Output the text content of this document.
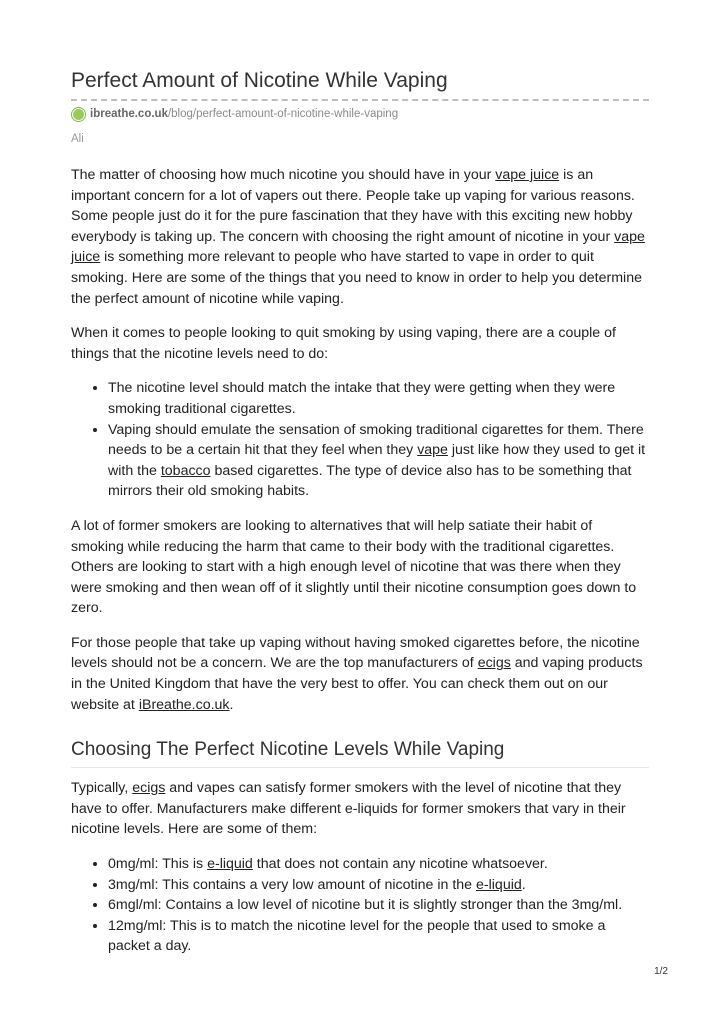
Perfect Amount of Nicotine While Vaping
ibreathe.co.uk /blog/perfect-amount-of-nicotine-while-vaping
Ali

The matter of choosing how much nicotine you should have in your vape juice is an important concern for a lot of vapers out there. People take up vaping for various reasons. Some people just do it for the pure fascination that they have with this exciting new hobby everybody is taking up. The concern with choosing the right amount of nicotine in your vape juice is something more relevant to people who have started to vape in order to quit smoking. Here are some of the things that you need to know in order to help you determine the perfect amount of nicotine while vaping.

When it comes to people looking to quit smoking by using vaping, there are a couple of things that the nicotine levels need to do:

• The nicotine level should match the intake that they were getting when they were smoking traditional cigarettes.
• Vaping should emulate the sensation of smoking traditional cigarettes for them. There needs to be a certain hit that they feel when they vape just like how they used to get it with the tobacco based cigarettes. The type of device also has to be something that mirrors their old smoking habits.

A lot of former smokers are looking to alternatives that will help satiate their habit of smoking while reducing the harm that came to their body with the traditional cigarettes. Others are looking to start with a high enough level of nicotine that was there when they were smoking and then wean off of it slightly until their nicotine consumption goes down to zero.

For those people that take up vaping without having smoked cigarettes before, the nicotine levels should not be a concern. We are the top manufacturers of ecigs and vaping products in the United Kingdom that have the very best to offer. You can check them out on our website at iBreathe.co.uk.

Choosing The Perfect Nicotine Levels While Vaping

Typically, ecigs and vapes can satisfy former smokers with the level of nicotine that they have to offer. Manufacturers make different e-liquids for former smokers that vary in their nicotine levels. Here are some of them:

• 0mg/ml: This is e-liquid that does not contain any nicotine whatsoever.
• 3mg/ml: This contains a very low amount of nicotine in the e-liquid.
• 6mgl/ml: Contains a low level of nicotine but it is slightly stronger than the 3mg/ml.
• 12mg/ml: This is to match the nicotine level for the people that used to smoke a packet a day.
1/2
